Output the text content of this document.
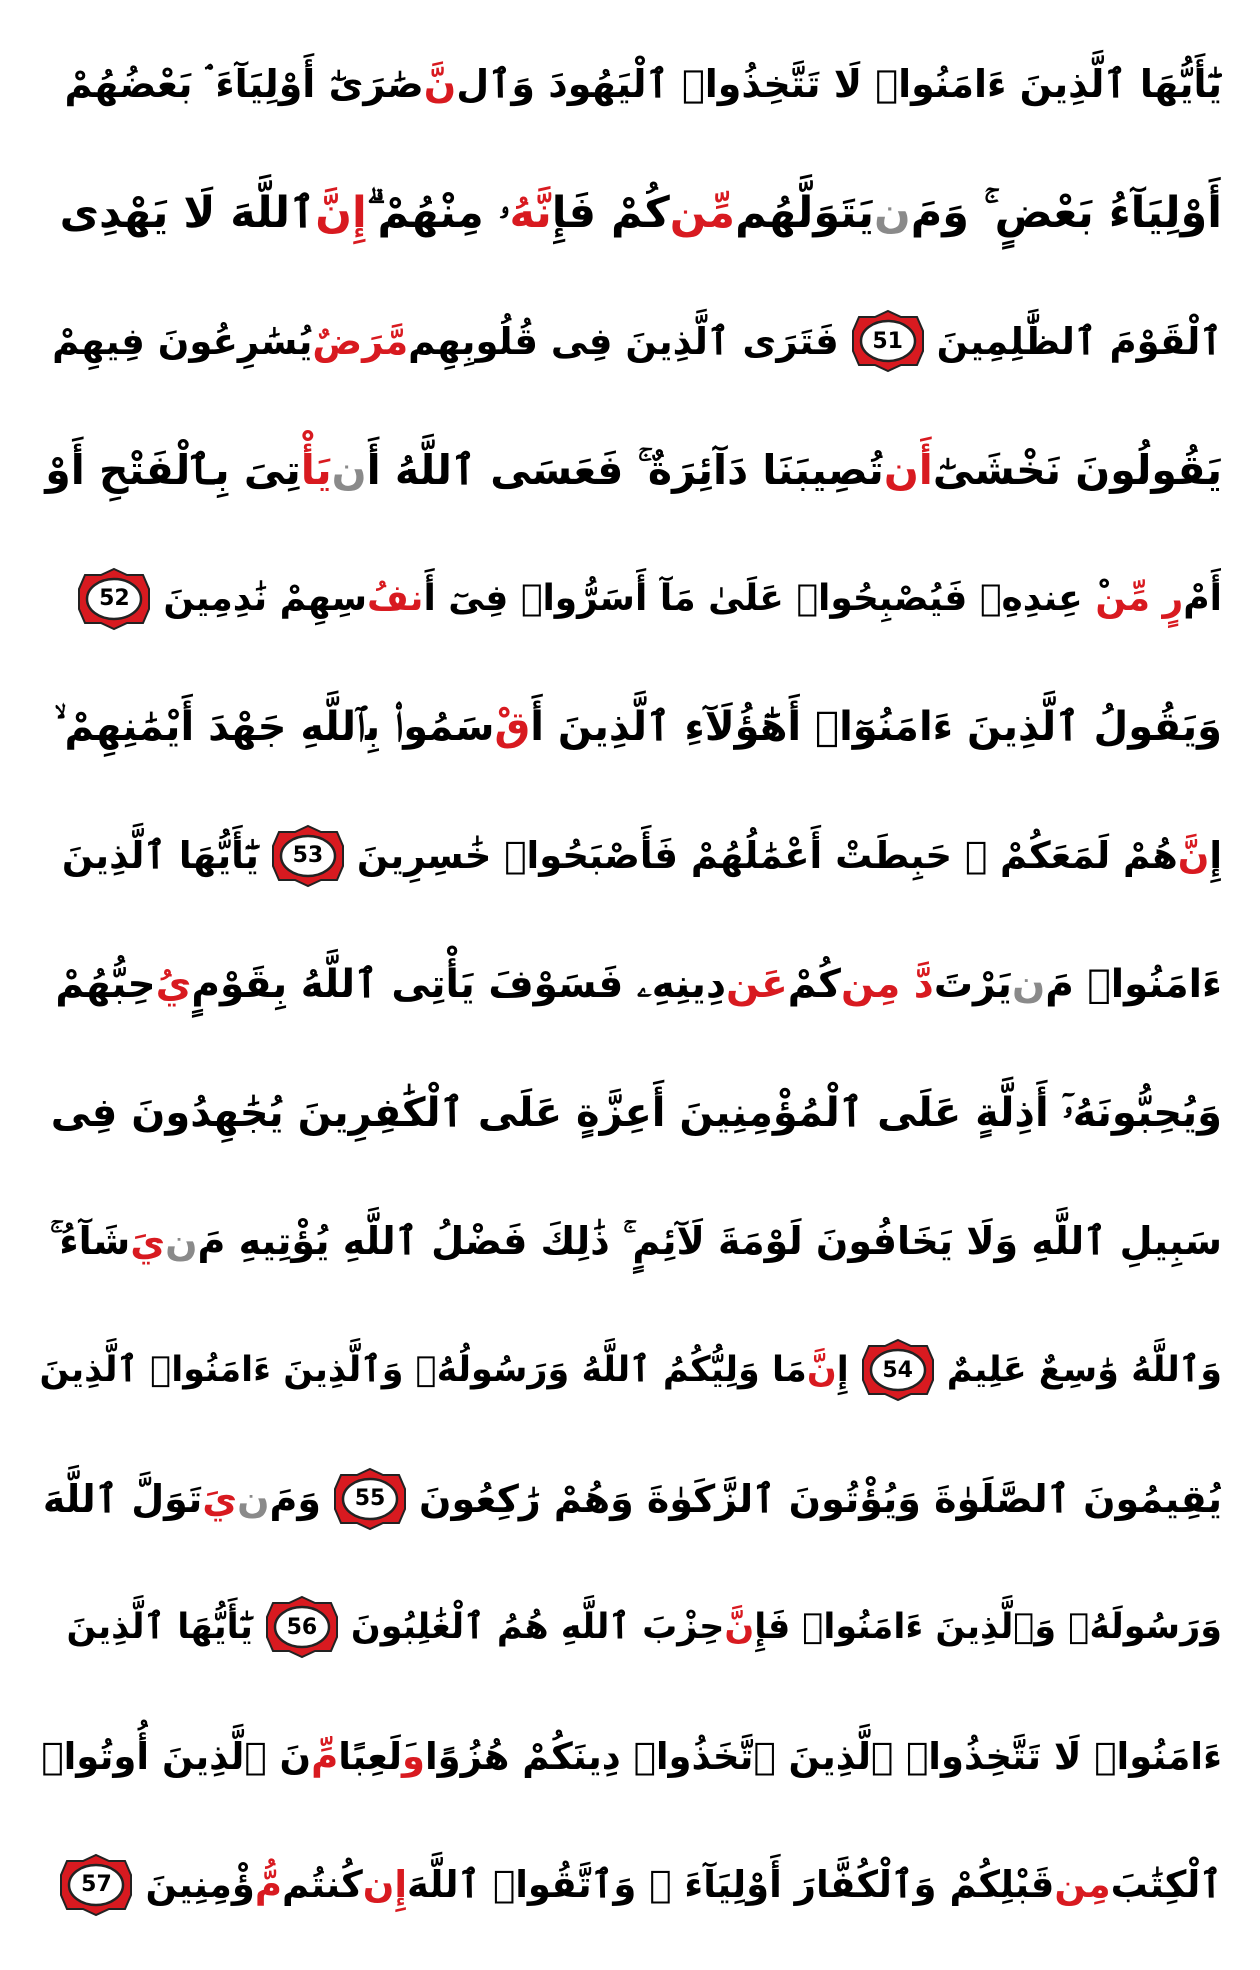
يَٰٓأَيُّهَا ٱلَّذِينَ ءَامَنُوا۟ لَا تَتَّخِذُوا۟ ٱلْيَهُودَ وَٱل
نَّ
صَٰرَىٰٓ أَوْلِيَآءَ ۘ بَعْضُهُمْ
أَوْلِيَآءُ بَعْضٍ ۚ وَمَ
ن
يَتَوَلَّهُم
مِّن
كُمْ فَإِ
نَّهُ
ۥ مِنْهُمْ ۗ
إِنَّ
ٱللَّهَ لَا يَهْدِى
ٱلْقَوْمَ ٱلظَّٰلِمِينَ
51
فَتَرَى ٱلَّذِينَ فِى قُلُوبِهِم
مَّرَضٌ
يُسَٰرِعُونَ فِيهِمْ
يَقُولُونَ نَخْشَىٰٓ
أَن
تُصِيبَنَا دَآئِرَةٌ ۚ فَعَسَى ٱللَّهُ أَ
ن
يَأْ
تِىَ بِٱلْفَتْحِ أَوْ
أَمْ
رٍ مِّن
ْ عِندِهِۦ فَيُصْبِحُوا۟ عَلَىٰ مَآ أَسَرُّوا۟ فِىٓ أَ
نفُ
سِهِمْ نَٰدِمِينَ
52
وَيَقُولُ ٱلَّذِينَ ءَامَنُوٓا۟ أَهَٰٓؤُلَآءِ ٱلَّذِينَ أَ
قْ
سَمُوا۟ بِٱللَّهِ جَهْدَ أَيْمَٰنِهِمْ ۙ
إِ
نَّ
هُمْ لَمَعَكُمْ ۚ حَبِطَتْ أَعْمَٰلُهُمْ فَأَصْبَحُوا۟ خَٰسِرِينَ
53
يَٰٓأَيُّهَا ٱلَّذِينَ
ءَامَنُوا۟ مَ
ن
يَرْتَ
دَّ مِن
كُمْ
عَن
دِينِهِۦ فَسَوْفَ يَأْتِى ٱللَّهُ بِقَوْمٍ
يُ
حِبُّهُمْ
وَيُحِبُّونَهُۥٓ أَذِلَّةٍ عَلَى ٱلْمُؤْمِنِينَ أَعِزَّةٍ عَلَى ٱلْكَٰفِرِينَ يُجَٰهِدُونَ فِى
سَبِيلِ ٱللَّهِ وَلَا يَخَافُونَ لَوْمَةَ لَآئِمٍ ۚ ذَٰلِكَ فَضْلُ ٱللَّهِ يُؤْتِيهِ مَ
ن
يَ
شَآءُ ۚ
وَٱللَّهُ وَٰسِعٌ عَلِيمٌ
54
إِ
نَّ
مَا وَلِيُّكُمُ ٱللَّهُ وَرَسُولُهُۥ وَٱلَّذِينَ ءَامَنُوا۟ ٱلَّذِينَ
يُقِيمُونَ ٱلصَّلَوٰةَ وَيُؤْتُونَ ٱلزَّكَوٰةَ وَهُمْ رَٰكِعُونَ
55
وَمَ
ن
يَ
تَوَلَّ ٱللَّهَ
وَرَسُولَهُۥ وَٱلَّذِينَ ءَامَنُوا۟ فَإِ
نَّ
حِزْبَ ٱللَّهِ هُمُ ٱلْغَٰلِبُونَ
56
يَٰٓأَيُّهَا ٱلَّذِينَ
ءَامَنُوا۟ لَا تَتَّخِذُوا۟ ٱلَّذِينَ ٱتَّخَذُوا۟ دِينَكُمْ هُزُوًا
و
َلَعِبًا
مِّ
نَ ٱلَّذِينَ أُوتُوا۟
ٱلْكِتَٰبَ
مِن
قَبْلِكُمْ وَٱلْكُفَّارَ أَوْلِيَآءَ ۚ وَٱتَّقُوا۟ ٱللَّهَ
إِن
كُنتُم
مُّ
ؤْمِنِينَ
57
